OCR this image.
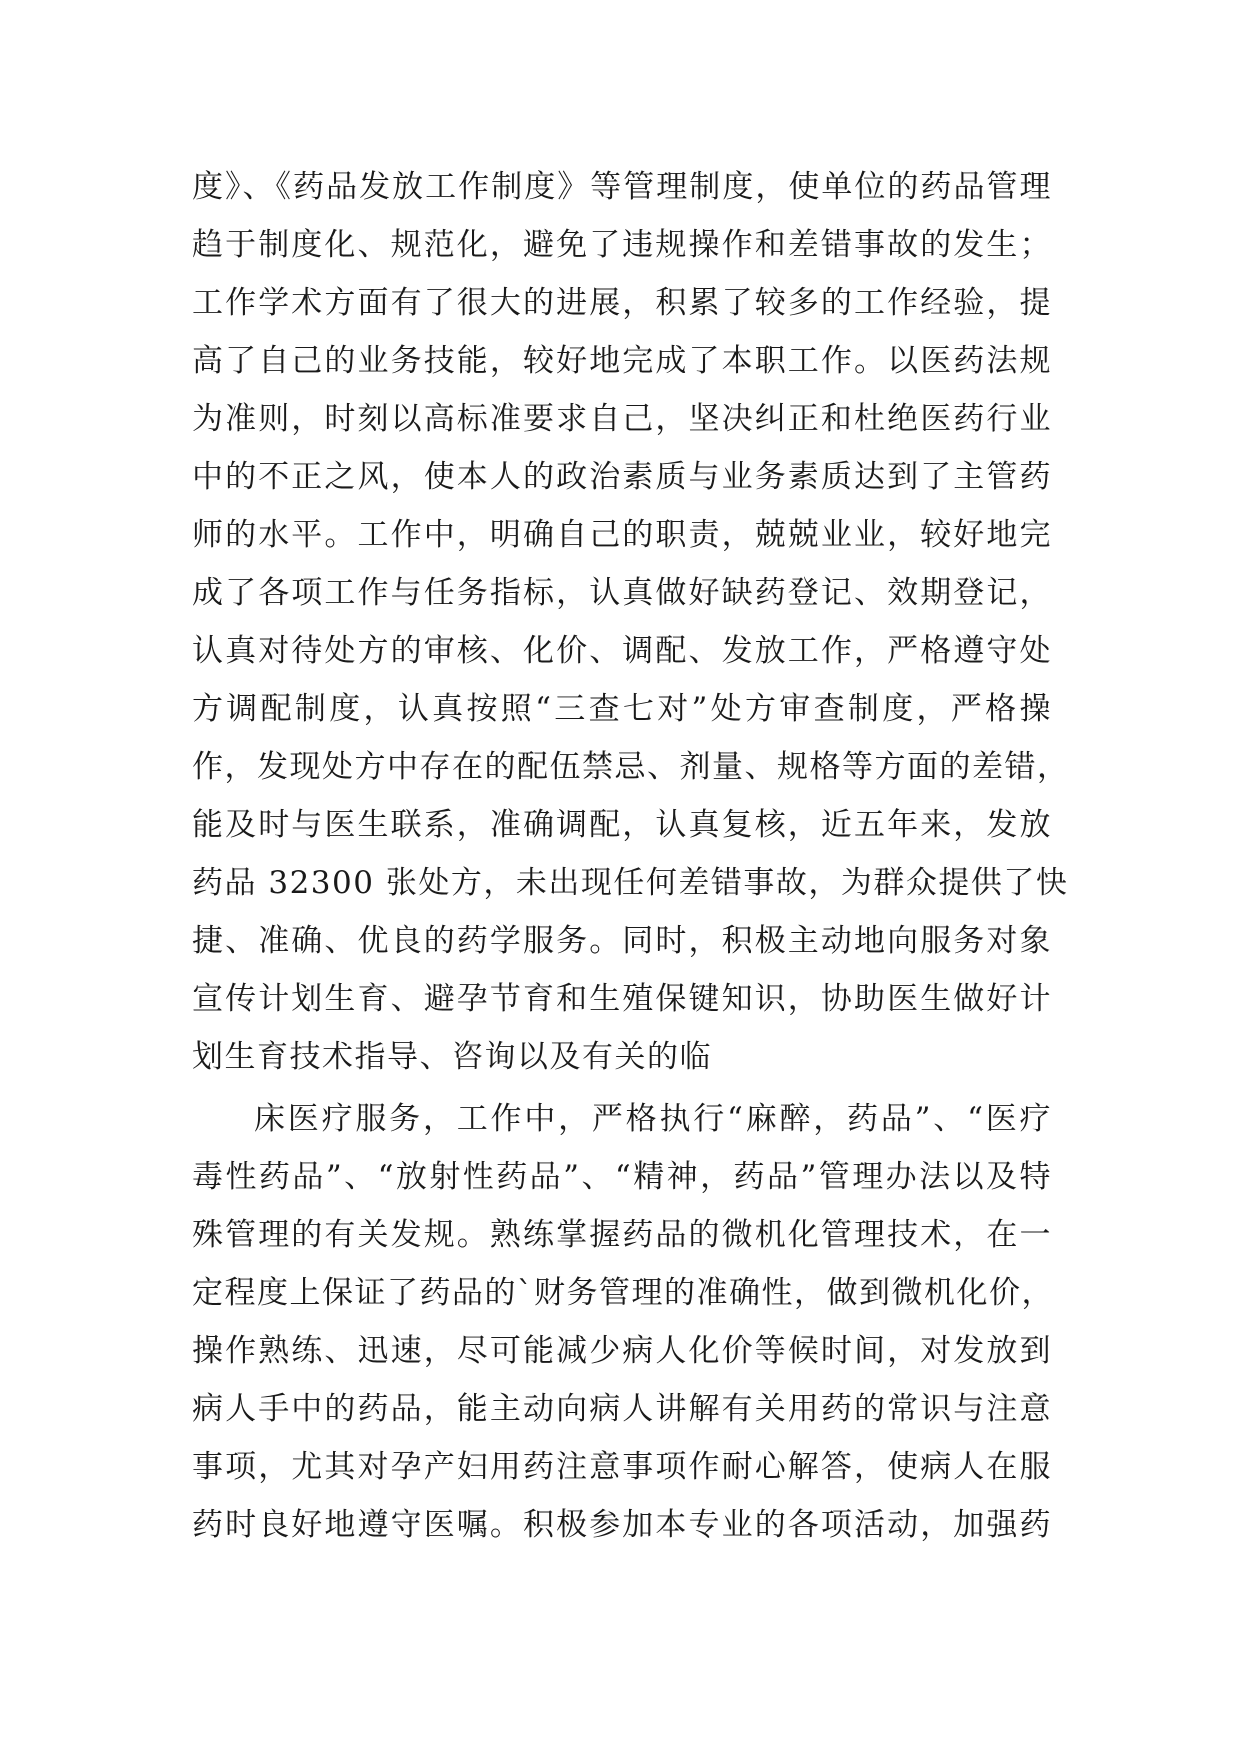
度》、《药品发放工作制度》等管理制度，使单位的药品管理
趋于制度化、规范化，避免了违规操作和差错事故的发生；
工作学术方面有了很大的进展，积累了较多的工作经验，提
高了自己的业务技能，较好地完成了本职工作。以医药法规
为准则，时刻以高标准要求自己，坚决纠正和杜绝医药行业
中的不正之风，使本人的政治素质与业务素质达到了主管药
师的水平。工作中，明确自己的职责，兢兢业业，较好地完
成了各项工作与任务指标，认真做好缺药登记、效期登记，
认真对待处方的审核、化价、调配、发放工作，严格遵守处
方调配制度，认真按照“三查七对”处方审查制度，严格操
作，发现处方中存在的配伍禁忌、剂量、规格等方面的差错，
能及时与医生联系，准确调配，认真复核，近五年来，发放
药品 32300 张处方，未出现任何差错事故，为群众提供了快
捷、准确、优良的药学服务。同时，积极主动地向服务对象
宣传计划生育、避孕节育和生殖保键知识，协助医生做好计
划生育技术指导、咨询以及有关的临
床医疗服务，工作中，严格执行“麻醉，药品”、“医疗
毒性药品”、“放射性药品”、“精神，药品”管理办法以及特
殊管理的有关发规。熟练掌握药品的微机化管理技术，在一
定程度上保证了药品的`财务管理的准确性，做到微机化价，
操作熟练、迅速，尽可能减少病人化价等候时间，对发放到
病人手中的药品，能主动向病人讲解有关用药的常识与注意
事项，尤其对孕产妇用药注意事项作耐心解答，使病人在服
药时良好地遵守医嘱。积极参加本专业的各项活动，加强药
